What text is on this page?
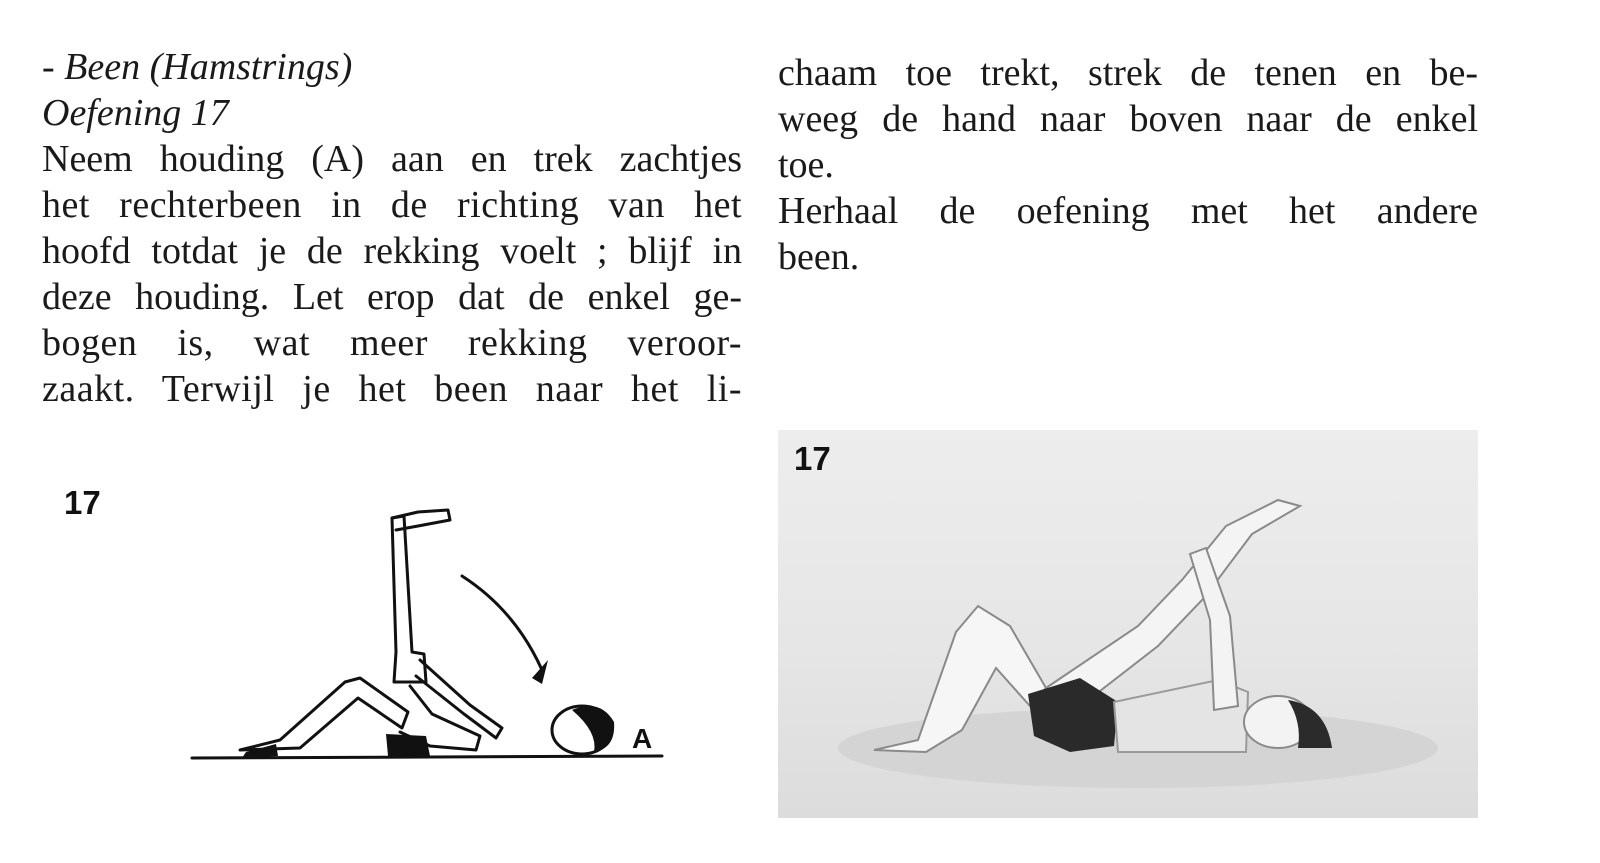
- Been (Hamstrings)
Oefening 17
Neem houding (A) aan en trek zachtjes
het rechterbeen in de richting van het
hoofd totdat je de rekking voelt ; blijf in
deze houding. Let erop dat de enkel ge-
bogen is, wat meer rekking veroor-
zaakt. Terwijl je het been naar het li-
chaam toe trekt, strek de tenen en be-
weeg de hand naar boven naar de enkel
toe.
Herhaal de oefening met het andere
been.
17
A
17
